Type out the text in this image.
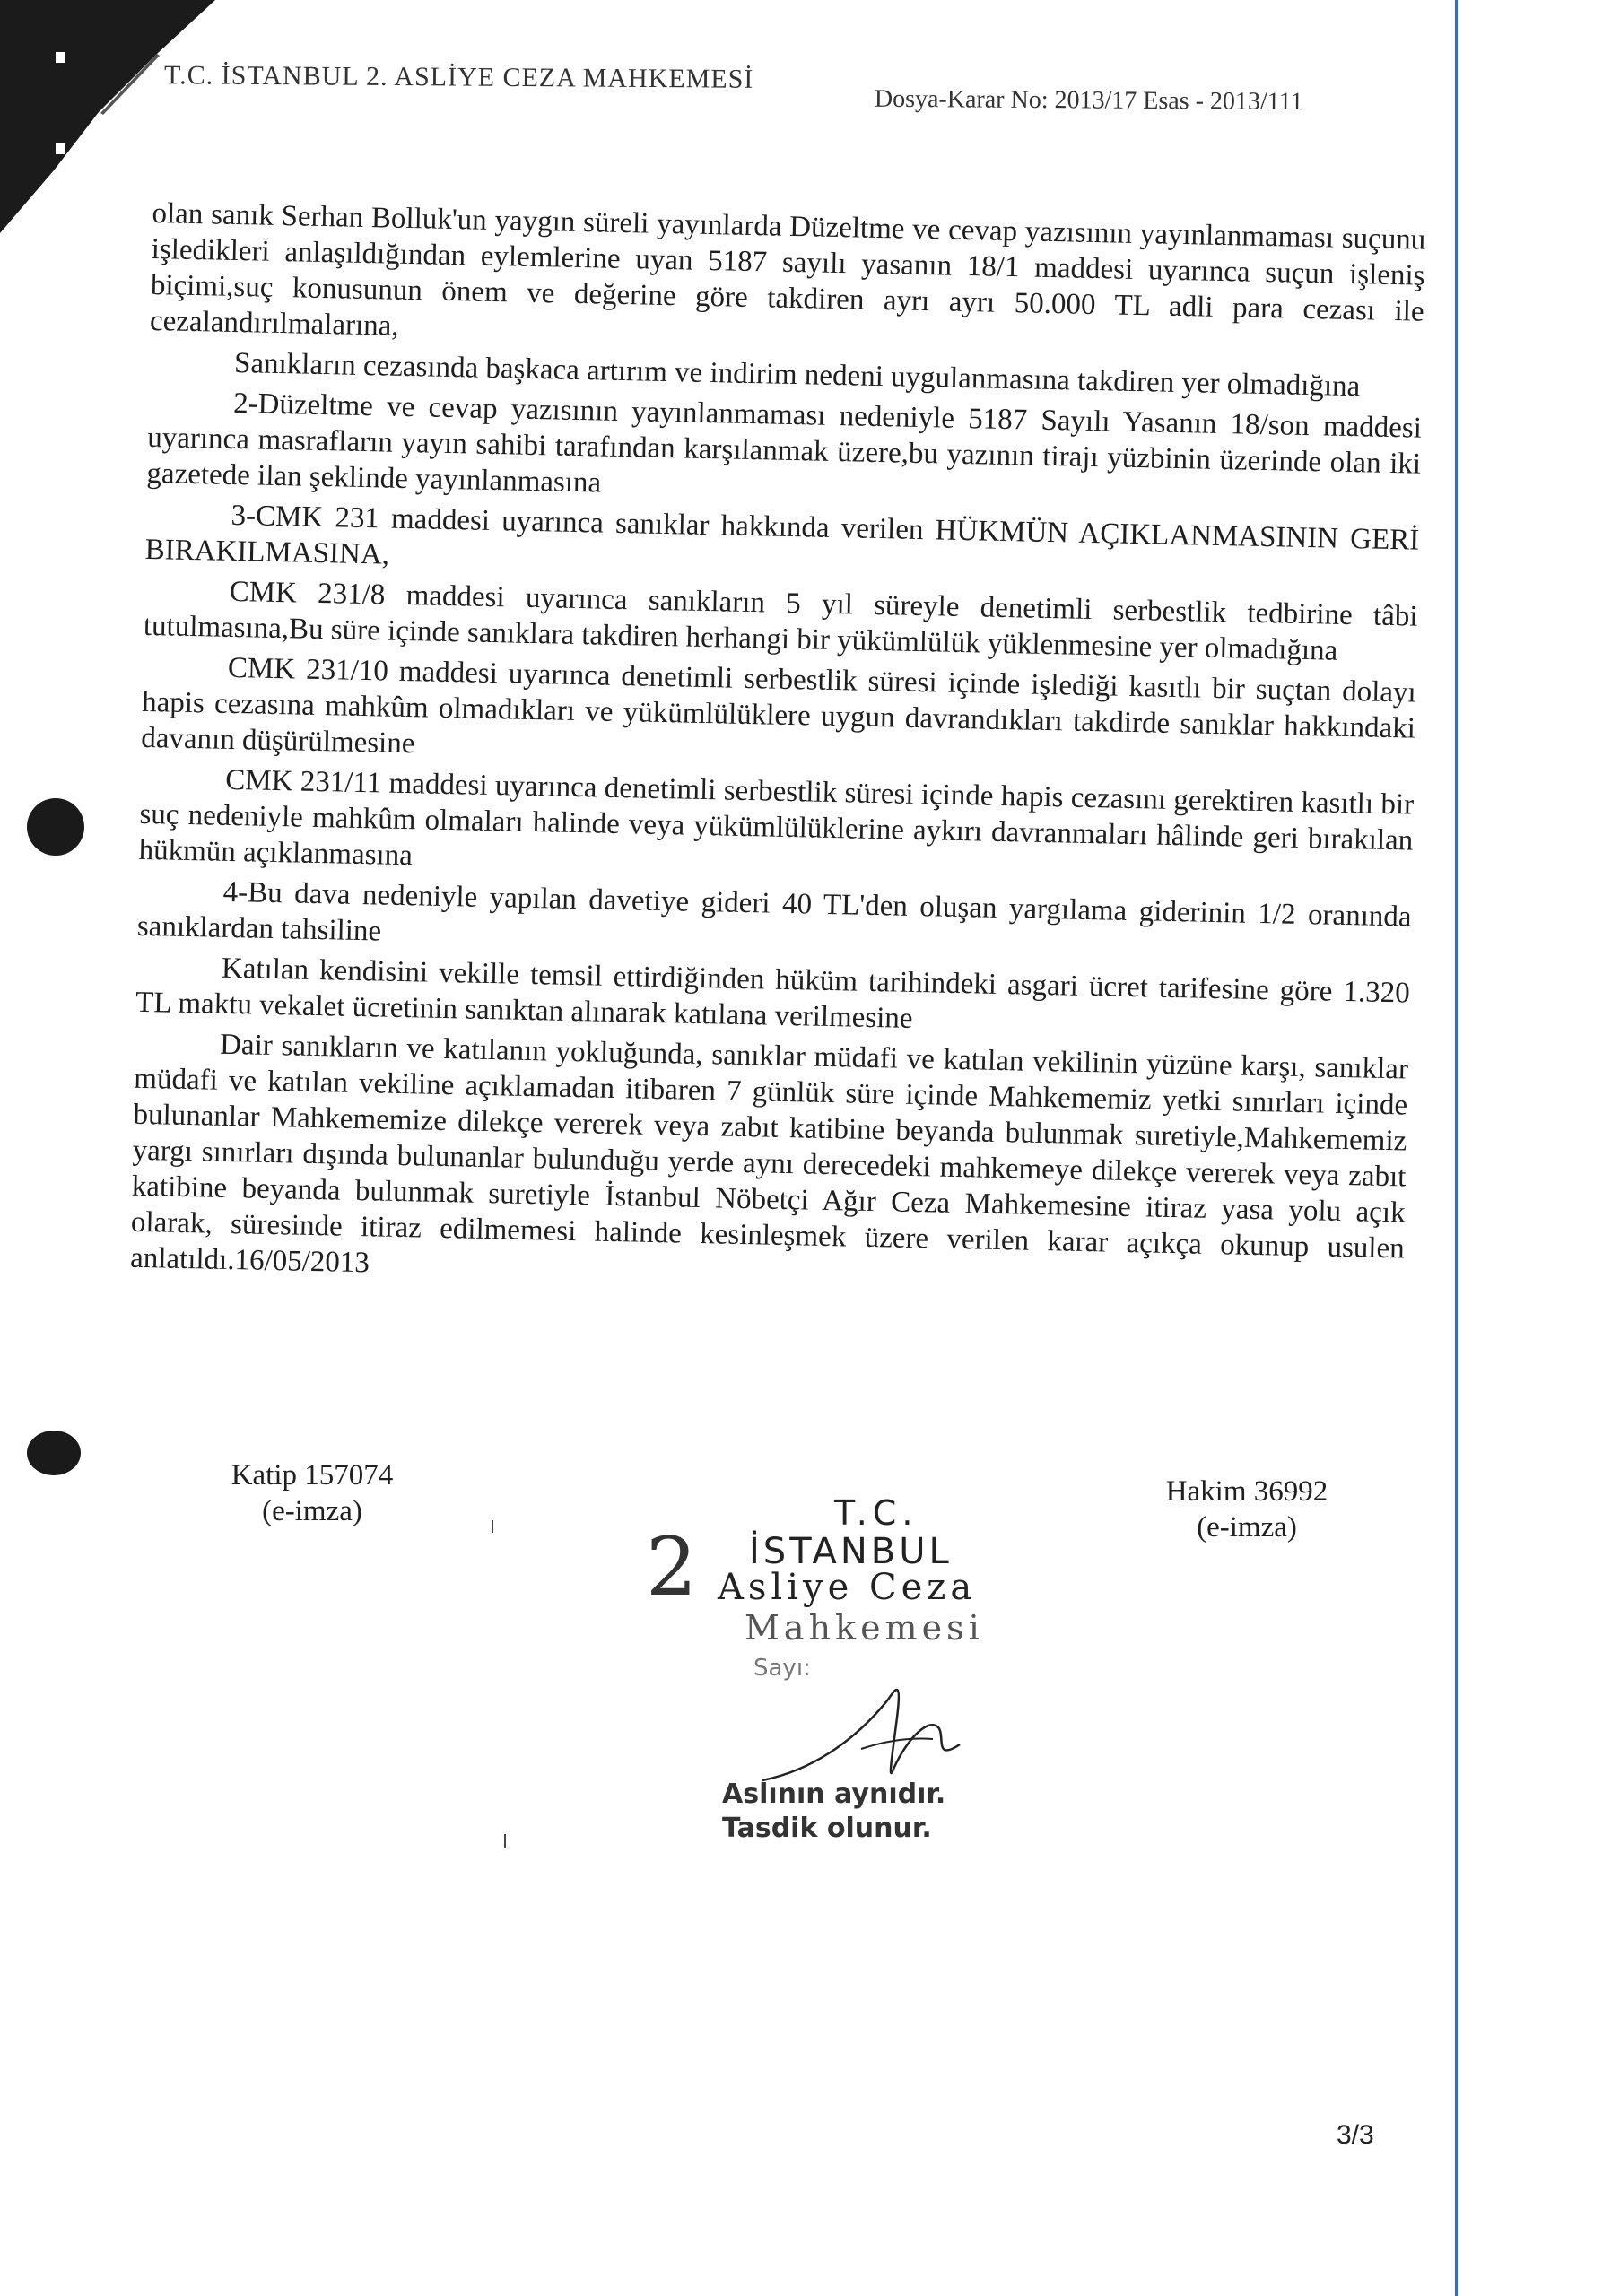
T.C. İSTANBUL 2. ASLİYE CEZA MAHKEMESİ
Dosya-Karar No: 2013/17 Esas - 2013/111

olan sanık Serhan Bolluk'un yaygın süreli yayınlarda Düzeltme ve cevap yazısının yayınlanmaması suçunu işledikleri anlaşıldığından eylemlerine uyan 5187 sayılı yasanın 18/1 maddesi uyarınca suçun işleniş biçimi,suç konusunun önem ve değerine göre takdiren ayrı ayrı 50.000 TL adli para cezası ile cezalandırılmalarına,

Sanıkların cezasında başkaca artırım ve indirim nedeni uygulanmasına takdiren yer olmadığına

2-Düzeltme ve cevap yazısının yayınlanmaması nedeniyle 5187 Sayılı Yasanın 18/son maddesi uyarınca masrafların yayın sahibi tarafından karşılanmak üzere,bu yazının tirajı yüzbinin üzerinde olan iki gazetede ilan şeklinde yayınlanmasına

3-CMK 231 maddesi uyarınca sanıklar hakkında verilen HÜKMÜN AÇIKLANMASININ GERİ BIRAKILMASINA,

CMK 231/8 maddesi uyarınca sanıkların 5 yıl süreyle denetimli serbestlik tedbirine tâbi tutulmasına,Bu süre içinde sanıklara takdiren herhangi bir yükümlülük yüklenmesine yer olmadığına

CMK 231/10 maddesi uyarınca denetimli serbestlik süresi içinde işlediği kasıtlı bir suçtan dolayı hapis cezasına mahkûm olmadıkları ve yükümlülüklere uygun davrandıkları takdirde sanıklar hakkındaki davanın düşürülmesine

CMK 231/11 maddesi uyarınca denetimli serbestlik süresi içinde hapis cezasını gerektiren kasıtlı bir suç nedeniyle mahkûm olmaları halinde veya yükümlülüklerine aykırı davranmaları hâlinde geri bırakılan hükmün açıklanmasına

4-Bu dava nedeniyle yapılan davetiye gideri 40 TL'den oluşan yargılama giderinin 1/2 oranında sanıklardan tahsiline

Katılan kendisini vekille temsil ettirdiğinden hüküm tarihindeki asgari ücret tarifesine göre 1.320 TL maktu vekalet ücretinin sanıktan alınarak katılana verilmesine

Dair sanıkların ve katılanın yokluğunda, sanıklar müdafi ve katılan vekilinin yüzüne karşı, sanıklar müdafi ve katılan vekiline açıklamadan itibaren 7 günlük süre içinde Mahkememiz yetki sınırları içinde bulunanlar Mahkememize dilekçe vererek veya zabıt katibine beyanda bulunmak suretiyle,Mahkememiz yargı sınırları dışında bulunanlar bulunduğu yerde aynı derecedeki mahkemeye dilekçe vererek veya zabıt katibine beyanda bulunmak suretiyle İstanbul Nöbetçi Ağır Ceza Mahkemesine itiraz yasa yolu açık olarak, süresinde itiraz edilmemesi halinde kesinleşmek üzere verilen karar açıkça okunup usulen anlatıldı.16/05/2013

Katip 157074
(e-imza)
Hakim 36992
(e-imza)
2
T.C.
İSTANBUL
Asliye Ceza
Mahkemesi
Sayı:
Aslının aynıdır.
Tasdik olunur.
3/3
